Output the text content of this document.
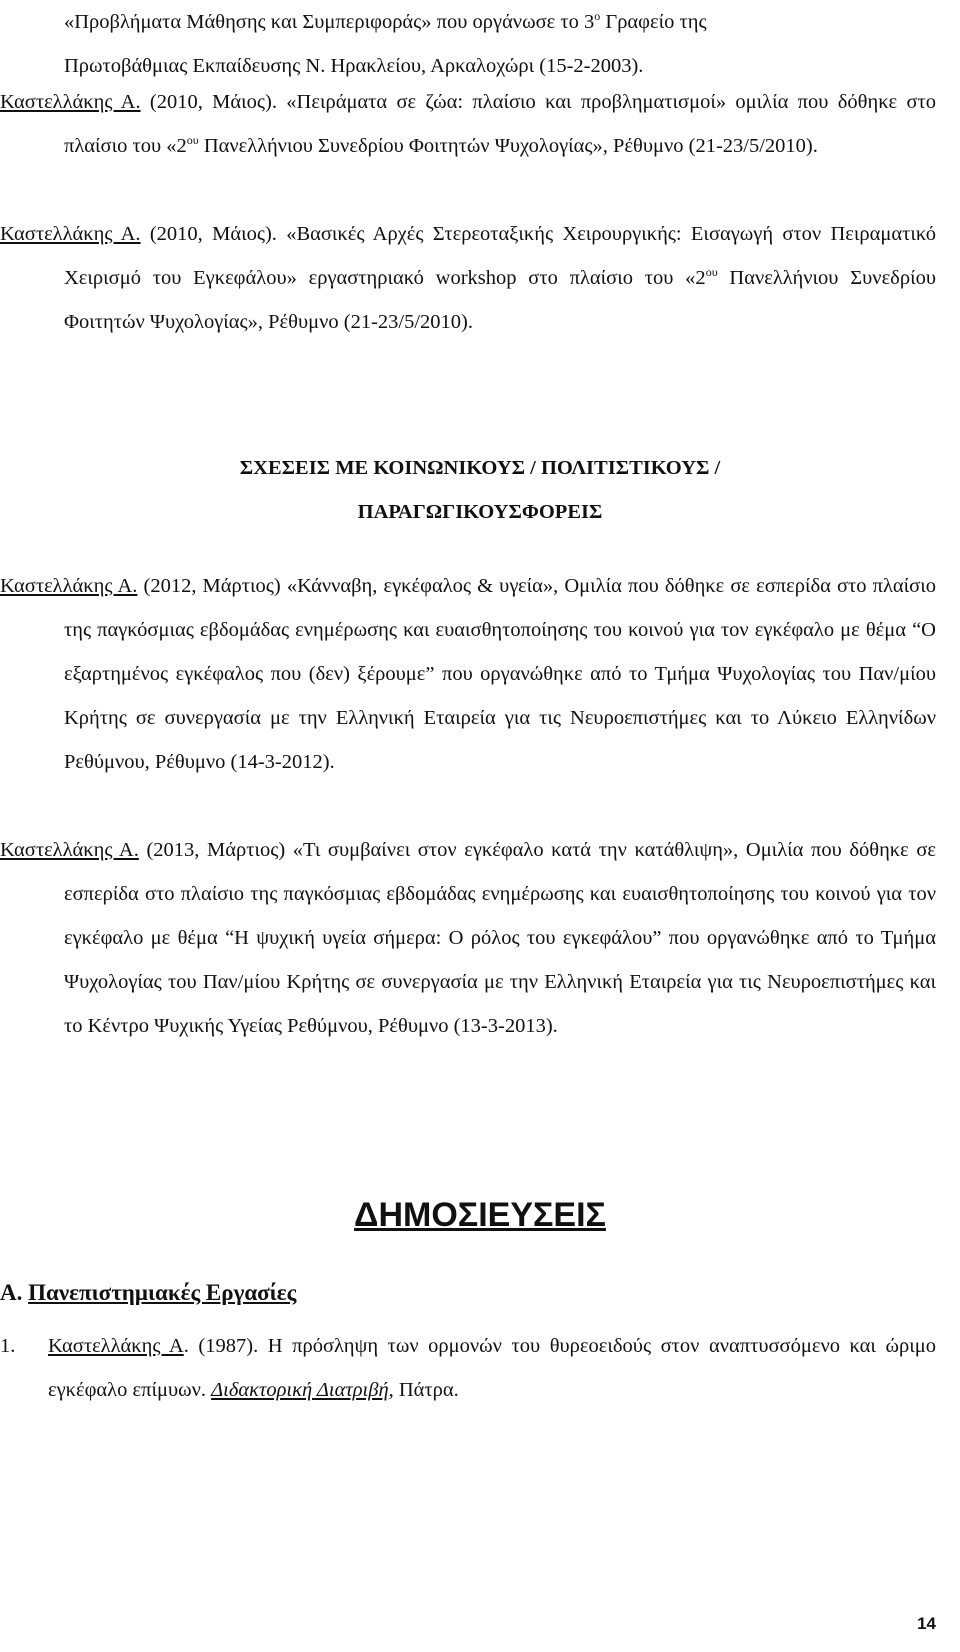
«Προβλήματα Μάθησης και Συμπεριφοράς» που οργάνωσε το $3^o$ Γραφείο της
Πρωτοβάθμιας Εκπαίδευσης Ν. Ηρακλείου, Αρκαλοχώρι (15-2-2003).
Καστελλάκης Α. (2010, Μάιος). «Πειράματα σε ζώα: πλαίσιο και προβληματισμοί» ομιλία που δόθηκε στο πλαίσιο του «$2^{o\upsilon}$ Πανελλήνιου Συνεδρίου Φοιτητών Ψυχολογίας», Ρέθυμνο (21-23/5/2010).
Καστελλάκης Α. (2010, Μάιος). «Βασικές Αρχές Στερεοταξικής Χειρουργικής: Εισαγωγή στον Πειραματικό Χειρισμό του Εγκεφάλου» εργαστηριακό workshop στο πλαίσιο του «$2^{o\upsilon}$ Πανελλήνιου Συνεδρίου Φοιτητών Ψυχολογίας», Ρέθυμνο (21-23/5/2010).
ΣΧΕΣΕΙΣ ΜΕ ΚΟΙΝΩΝΙΚΟΥΣ / ΠΟΛΙΤΙΣΤΙΚΟΥΣ /
ΠΑΡΑΓΩΓΙΚΟΥΣΦΟΡΕΙΣ
Καστελλάκης Α. (2012, Μάρτιος) «Κάνναβη, εγκέφαλος & υγεία», Ομιλία που δόθηκε σε εσπερίδα στο πλαίσιο της παγκόσμιας εβδομάδας ενημέρωσης και ευαισθητοποίησης του κοινού για τον εγκέφαλο με θέμα “Ο εξαρτημένος εγκέφαλος που (δεν) ξέρουμε” που οργανώθηκε από το Τμήμα Ψυχολογίας του Παν/μίου Κρήτης σε συνεργασία με την Ελληνική Εταιρεία για τις Νευροεπιστήμες και το Λύκειο Ελληνίδων Ρεθύμνου, Ρέθυμνο (14-3-2012).
Καστελλάκης Α. (2013, Μάρτιος) «Τι συμβαίνει στον εγκέφαλο κατά την κατάθλιψη», Ομιλία που δόθηκε σε εσπερίδα στο πλαίσιο της παγκόσμιας εβδομάδας ενημέρωσης και ευαισθητοποίησης του κοινού για τον εγκέφαλο με θέμα “Η ψυχική υγεία σήμερα: Ο ρόλος του εγκεφάλου” που οργανώθηκε από το Τμήμα Ψυχολογίας του Παν/μίου Κρήτης σε συνεργασία με την Ελληνική Εταιρεία για τις Νευροεπιστήμες και το Κέντρο Ψυχικής Υγείας Ρεθύμνου, Ρέθυμνο (13-3-2013).
ΔΗΜΟΣΙΕΥΣΕΙΣ
Α. Πανεπιστημιακές Εργασίες
1. Καστελλάκης Α. (1987). Η πρόσληψη των ορμονών του θυρεοειδούς στον αναπτυσσόμενο και ώριμο εγκέφαλο επίμυων. Διδακτορική Διατριβή, Πάτρα.
14
